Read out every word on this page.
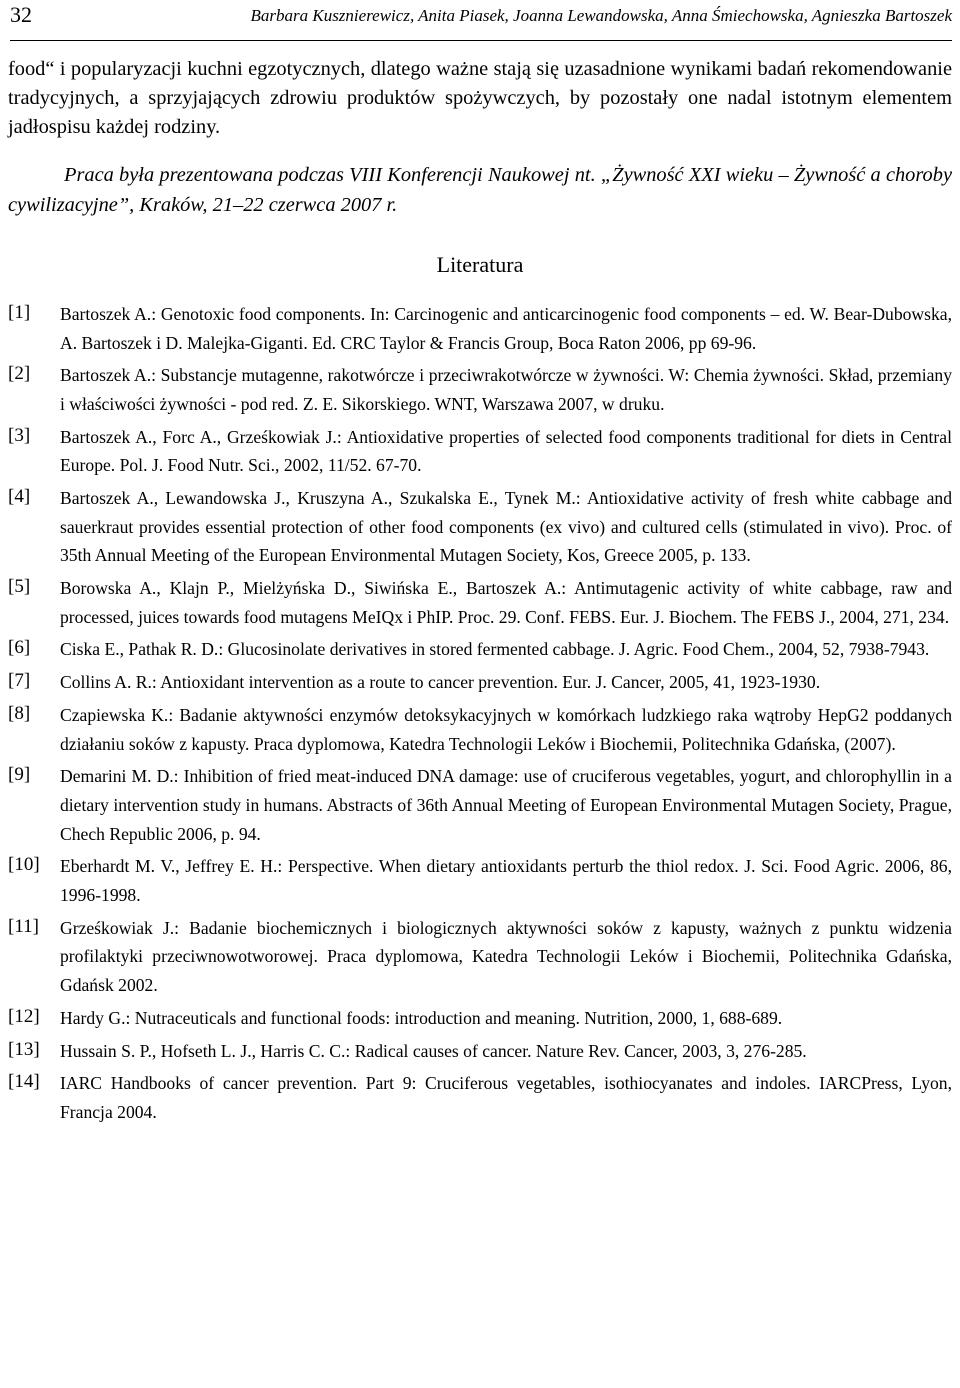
32	Barbara Kusznierewicz, Anita Piasek, Joanna Lewandowska, Anna Śmiechowska, Agnieszka Bartoszek

food“ i popularyzacji kuchni egzotycznych, dlatego ważne stają się uzasadnione wynikami badań rekomendowanie tradycyjnych, a sprzyjających zdrowiu produktów spożywczych, by pozostały one nadal istotnym elementem jadłospisu każdej rodziny.

Praca była prezentowana podczas VIII Konferencji Naukowej nt. „Żywność XXI wieku – Żywność a choroby cywilizacyjne”, Kraków, 21–22 czerwca 2007 r.

Literatura
[1] Bartoszek A.: Genotoxic food components. In: Carcinogenic and anticarcinogenic food components – ed. W. Bear-Dubowska, A. Bartoszek i D. Malejka-Giganti. Ed. CRC Taylor & Francis Group, Boca Raton 2006, pp 69-96.
[2] Bartoszek A.: Substancje mutagenne, rakotwórcze i przeciwrakotwórcze w żywności. W: Chemia żywności. Skład, przemiany i właściwości żywności - pod red. Z. E. Sikorskiego. WNT, Warszawa 2007, w druku.
[3] Bartoszek A., Forc A., Grześkowiak J.: Antioxidative properties of selected food components traditional for diets in Central Europe. Pol. J. Food Nutr. Sci., 2002, 11/52. 67-70.
[4] Bartoszek A., Lewandowska J., Kruszyna A., Szukalska E., Tynek M.: Antioxidative activity of fresh white cabbage and sauerkraut provides essential protection of other food components (ex vivo) and cultured cells (stimulated in vivo). Proc. of 35th Annual Meeting of the European Environmental Mutagen Society, Kos, Greece 2005, p. 133.
[5] Borowska A., Klajn P., Mielżyńska D., Siwińska E., Bartoszek A.: Antimutagenic activity of white cabbage, raw and processed, juices towards food mutagens MeIQx i PhIP. Proc. 29. Conf. FEBS. Eur. J. Biochem. The FEBS J., 2004, 271, 234.
[6] Ciska E., Pathak R. D.: Glucosinolate derivatives in stored fermented cabbage. J. Agric. Food Chem., 2004, 52, 7938-7943.
[7] Collins A. R.: Antioxidant intervention as a route to cancer prevention. Eur. J. Cancer, 2005, 41, 1923-1930.
[8] Czapiewska K.: Badanie aktywności enzymów detoksykacyjnych w komórkach ludzkiego raka wątroby HepG2 poddanych działaniu soków z kapusty. Praca dyplomowa, Katedra Technologii Leków i Biochemii, Politechnika Gdańska, (2007).
[9] Demarini M. D.: Inhibition of fried meat-induced DNA damage: use of cruciferous vegetables, yogurt, and chlorophyllin in a dietary intervention study in humans. Abstracts of 36th Annual Meeting of European Environmental Mutagen Society, Prague, Chech Republic 2006, p. 94.
[10] Eberhardt M. V., Jeffrey E. H.: Perspective. When dietary antioxidants perturb the thiol redox. J. Sci. Food Agric. 2006, 86, 1996-1998.
[11] Grześkowiak J.: Badanie biochemicznych i biologicznych aktywności soków z kapusty, ważnych z punktu widzenia profilaktyki przeciwnowotworowej. Praca dyplomowa, Katedra Technologii Leków i Biochemii, Politechnika Gdańska, Gdańsk 2002.
[12] Hardy G.: Nutraceuticals and functional foods: introduction and meaning. Nutrition, 2000, 1, 688-689.
[13] Hussain S. P., Hofseth L. J., Harris C. C.: Radical causes of cancer. Nature Rev. Cancer, 2003, 3, 276-285.
[14] IARC Handbooks of cancer prevention. Part 9: Cruciferous vegetables, isothiocyanates and indoles. IARCPress, Lyon, Francja 2004.
